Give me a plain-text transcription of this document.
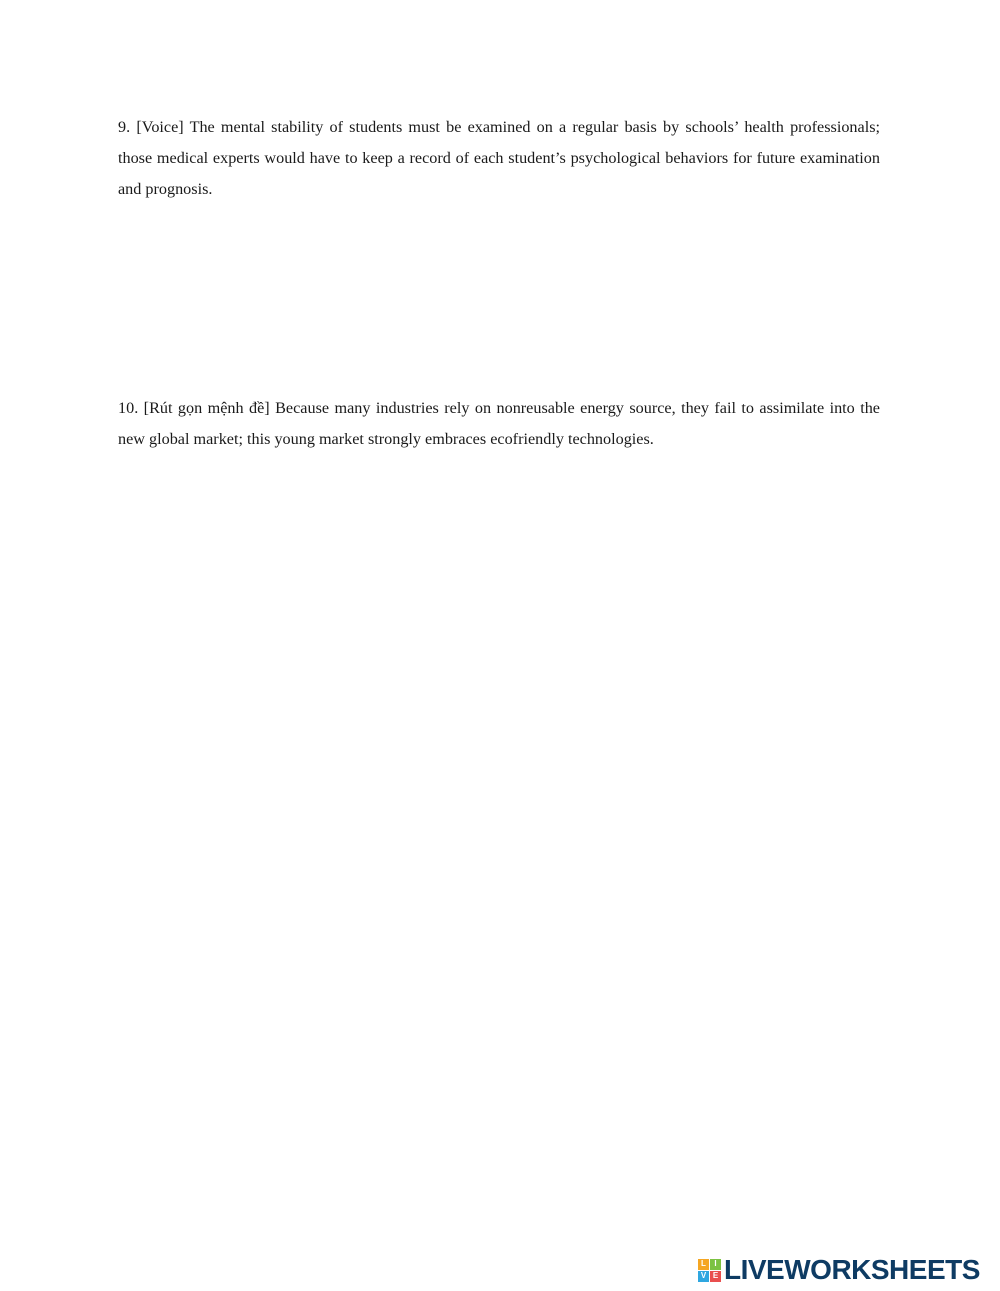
9. [Voice] The mental stability of students must be examined on a regular basis by schools’ health professionals; those medical experts would have to keep a record of each student’s psychological behaviors for future examination and prognosis.

10. [Rút gọn mệnh đề] Because many industries rely on nonreusable energy source, they fail to assimilate into the new global market; this young market strongly embraces ecofriendly technologies.

L	I
V E LIVEWORKSHEETS
